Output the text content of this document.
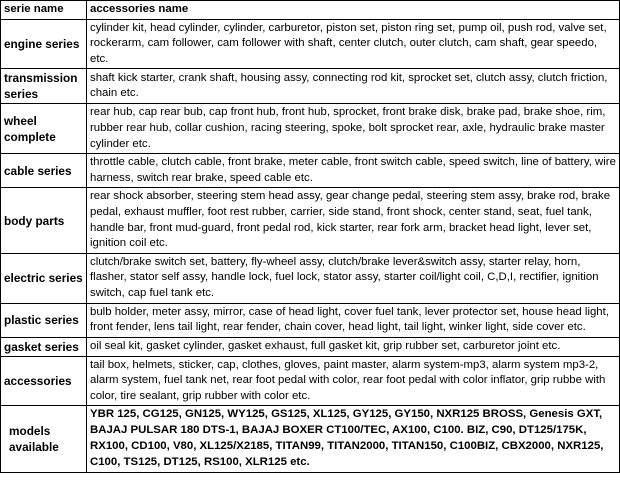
serie name	accessories name
engine series	cylinder kit, head cylinder, cylinder, carburetor, piston set, piston ring set, pump oil, push rod, valve set, rockerarm, cam follower, cam follower with shaft, center clutch, outer clutch, cam shaft, gear speedo, etc.
transmission series	shaft kick starter, crank shaft, housing assy, connecting rod kit, sprocket set, clutch assy, clutch friction, chain etc.
wheel complete	rear hub, cap rear bub, cap front hub, front hub, sprocket, front brake disk, brake pad, brake shoe, rim, rubber rear hub, collar cushion, racing steering, spoke, bolt sprocket rear, axle, hydraulic brake master cylinder etc.
cable series	throttle cable, clutch cable, front brake, meter cable, front switch cable, speed switch, line of battery, wire harness, switch rear brake, speed cable etc.
body parts	rear shock absorber, steering stem head assy, gear change pedal, steering stem assy, brake rod, brake pedal, exhaust muffler, foot rest rubber, carrier, side stand, front shock, center stand, seat, fuel tank, handle bar, front mud-guard, front pedal rod, kick starter, rear fork arm, bracket head light, lever set, ignition coil etc.
electric series	clutch/brake switch set, battery, fly-wheel assy, clutch/brake lever&switch assy, starter relay, horn, flasher, stator self assy, handle lock, fuel lock, stator assy, starter coil/light coil, C,D,I, rectifier, ignition switch, cap fuel tank etc.
plastic series	bulb holder, meter assy, mirror, case of head light, cover fuel tank, lever protector set, house head light, front fender, lens tail light, rear fender, chain cover, head light, tail light, winker light, side cover etc.
gasket series	oil seal kit, gasket cylinder, gasket exhaust, full gasket kit, grip rubber set, carburetor joint etc.
accessories	tail box, helmets, sticker, cap, clothes, gloves, paint master, alarm system-mp3, alarm system mp3-2, alarm system, fuel tank net, rear foot pedal with color, rear foot pedal with color inflator, grip rubbe with color, tire sealant, grip rubber with color etc.
models available	YBR 125, CG125, GN125, WY125, GS125, XL125, GY125, GY150, NXR125 BROSS, Genesis GXT, BAJAJ PULSAR 180 DTS-1, BAJAJ BOXER CT100/TEC, AX100, C100. BIZ, C90, DT125/175K, RX100, CD100, V80, XL125/X2185, TITAN99, TITAN2000, TITAN150, C100BIZ, CBX2000, NXR125, C100, TS125, DT125, RS100, XLR125 etc.
